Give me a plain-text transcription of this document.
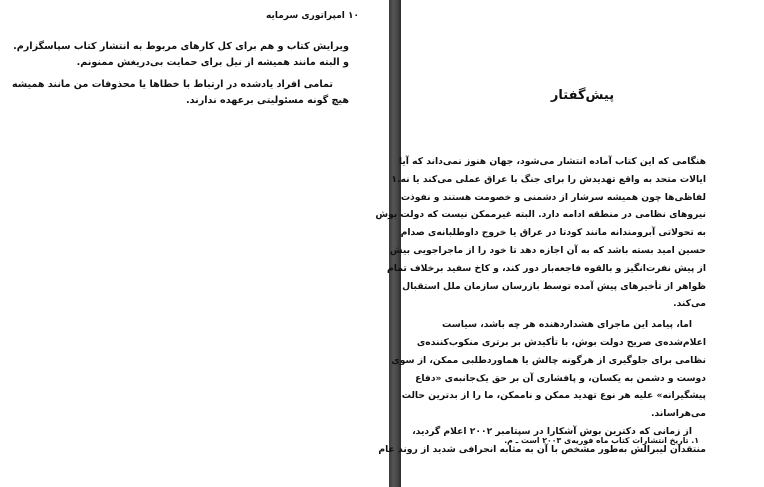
۱۰ امپراتوری سرمایه
ویرایش کتاب و هم برای کل کارهای مربوط به انتشار کتاب سپاسگزارم.
و البته مانند همیشه از نیل برای حمایت بی‌دریغش ممنونم.
تمامی افراد یادشده در ارتباط با خطاها یا محذوفات من مانند همیشه
هیچ گونه مسئولیتی برعهده ندارند.	پیش‌گفتار
هنگامی که این کتاب آماده انتشار می‌شود، جهان هنوز نمی‌داند که آیا
ایالات متحد به واقع تهدیدش را برای جنگ با عراق عملی می‌کند یا نه.۱
لفاظی‌ها چون همیشه سرشار از دشمنی و خصومت هستند و نفوذت
نیروهای نظامی در منطقه ادامه دارد. البته غیرممکن نیست که دولت بوش
به تحولاتی آبرومندانه مانند کودتا در عراق یا خروج داوطلبانه‌ی صدام
حسین امید بسته باشد که به آن اجازه دهد تا خود را از ماجراجویی بیش
از پیش نفرت‌انگیز و بالقوه فاجعه‌بار دور کند، و کاخ سفید برخلاف تمام
ظواهر از تأخیرهای پیش آمده توسط بازرسان سازمان ملل استقبال
می‌کند.
اما، پیامد این ماجرای هشداردهنده هر چه باشد، سیاست
اعلام‌شده‌ی صریح دولت بوش، با تأکیدش بر برتری منکوب‌کننده‌ی
نظامی برای جلوگیری از هرگونه چالش یا هماوردطلبی ممکن، از سوی
دوست و دشمن به یکسان، و پافشاری آن بر حق یک‌جانبه‌ی «دفاع
پیشگیرانه» علیه هر نوع تهدید ممکن و ناممکن، ما را از بدترین حالت
می‌هراساند.
از زمانی که دکترین بوش آشکارا در سپتامبر ۲۰۰۲ اعلام گردید،
منتقدان لیبرالش به‌طور مشخص با آن به مثابه انحرافی شدید از روند عام
۱. تاریخ انتشارات کتاب ماه فوریه‌ی ۲۰۰۳ است ـ م.
